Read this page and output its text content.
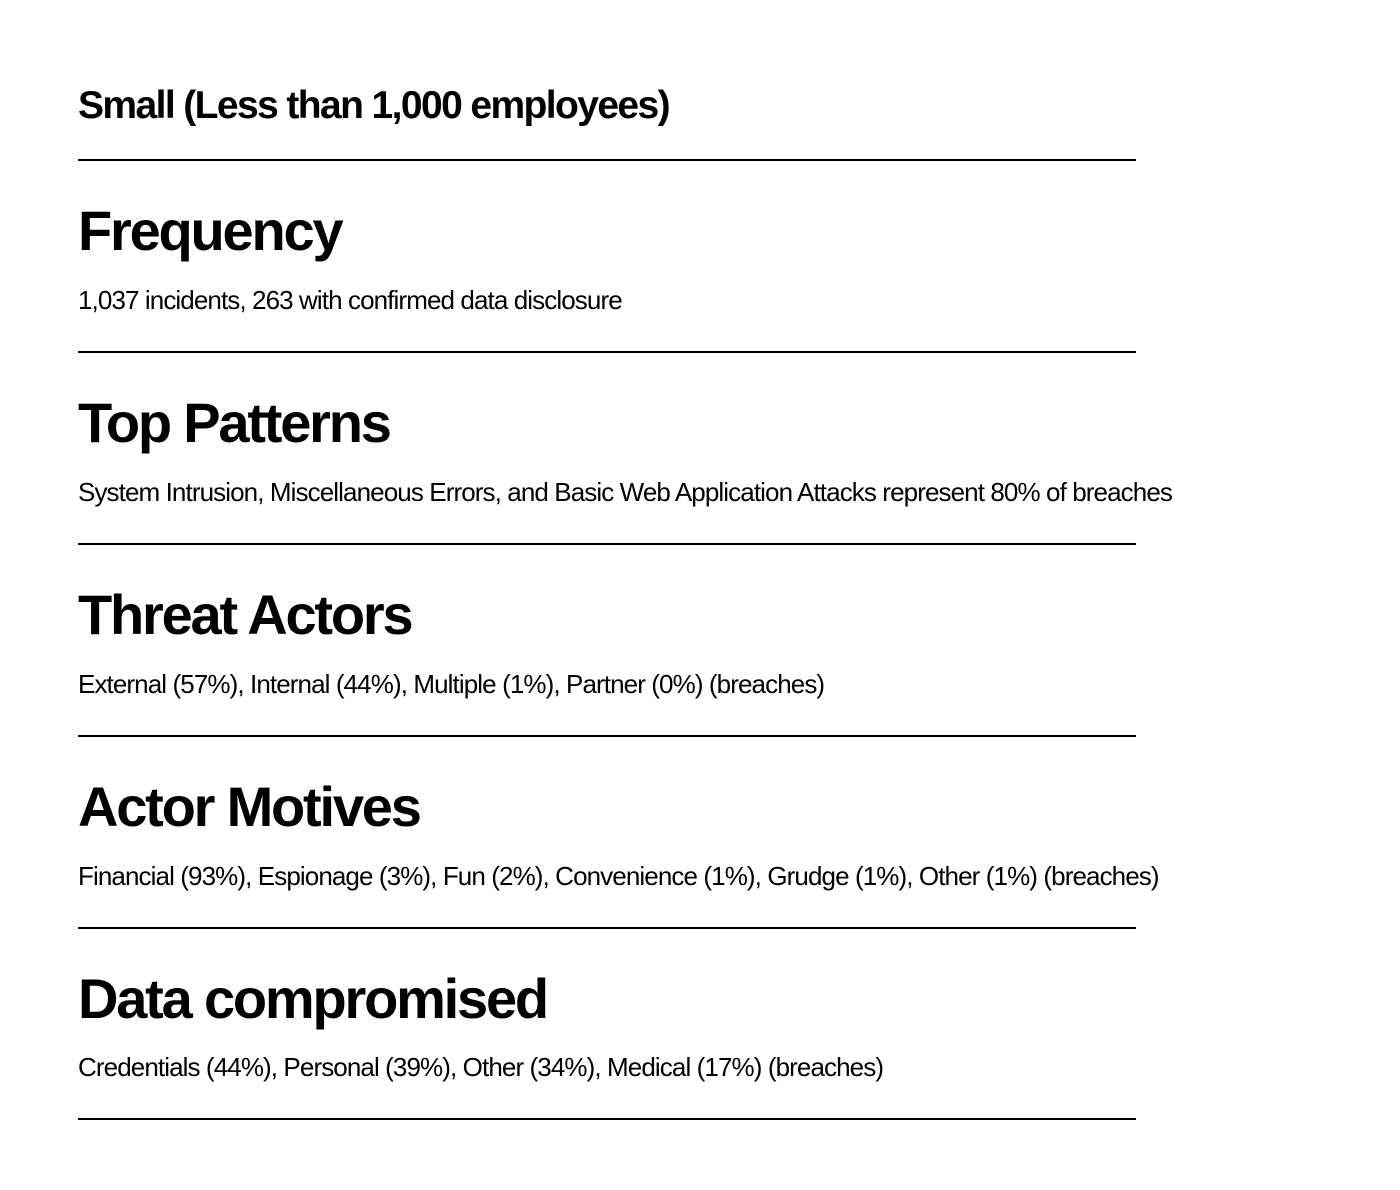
Small (Less than 1,000 employees)
Frequency

1,037 incidents, 263 with confirmed data disclosure

Top Patterns

System Intrusion, Miscellaneous Errors, and Basic Web Application Attacks represent 80% of breaches

Threat Actors

External (57%), Internal (44%), Multiple (1%), Partner (0%) (breaches)

Actor Motives

Financial (93%), Espionage (3%), Fun (2%), Convenience (1%), Grudge (1%), Other (1%) (breaches)

Data compromised

Credentials (44%), Personal (39%), Other (34%), Medical (17%) (breaches)
